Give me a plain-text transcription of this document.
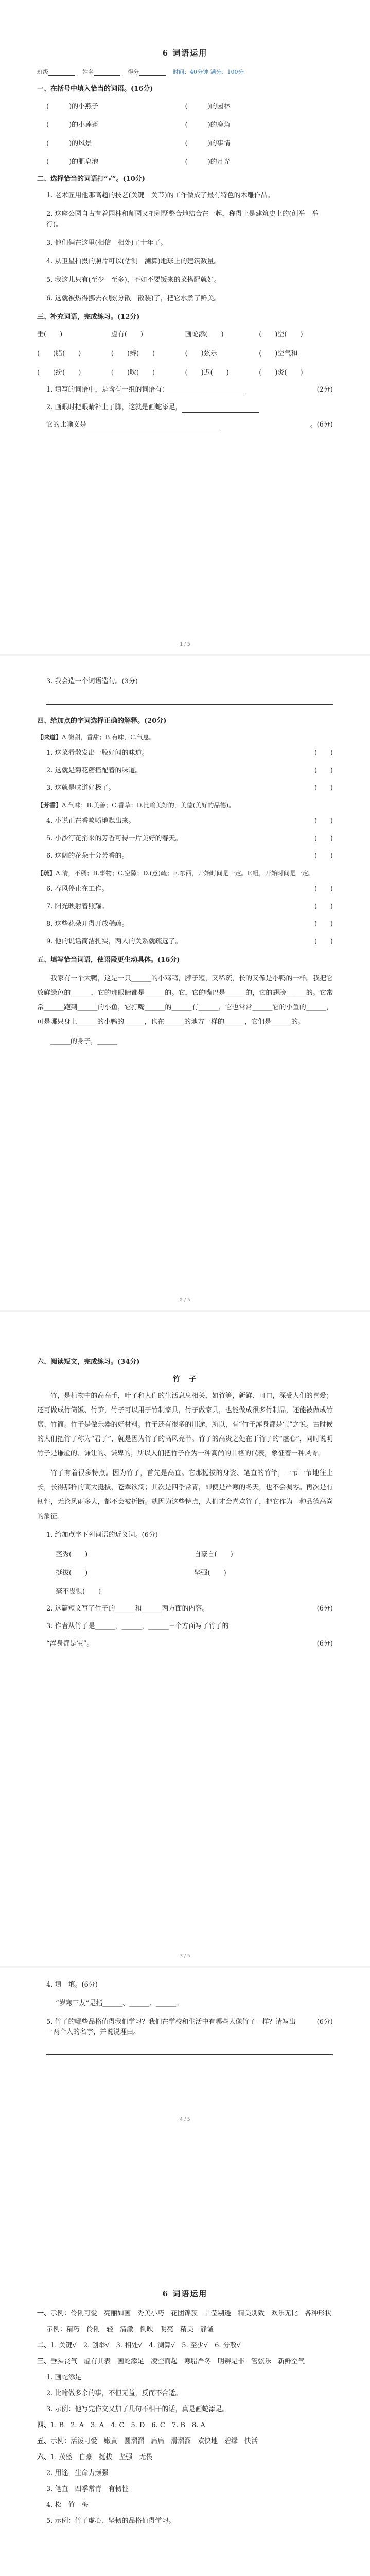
6 词语运用
班级	姓名	得分	时间：40分钟 满分：100分
一、在括号中填入恰当的词语。(16分)
(　　　)的小燕子	(　　　)的园林
(　　　)的小莲蓬	(　　　)的鹿角
(　　　)的风景	(　　　)的事情
(　　　)的肥皂泡	(　　　)的月光
二、选择恰当的词语打“√”。(10分)
1. 老术匠用他那高超的技艺(关键　关节)的工作做成了最有特色的木雕作品。
2. 这座公园自古有着园林和师园又把别墅整合地结合在一起，称得上是建筑史上的(创举　举行)。
3. 他们俩在这里(相信　相处)了十年了。
4. 从卫星拍摄的照片可以(估测　测算)地球上的建筑数量。
5. 我这儿只有(至少　至多)，不如不要饭来的菜搭配就好。
6. 这就被热得挪去衣服(分散　散装)了，把它水煮了鲜美。
三、补充词语，完成练习。(12分)
垂(　　)	虚有(　　)	画蛇添(　　)	(　　)空(　　)
(　　)腊(　　)	(　　)辨(　　)	(　　)弦乐	(　　)空气和
(　　)纷(　　)	(　　)吹(　　)	(　　)迟(　　)	(　　)炎(　　)
1. 填写的词语中，是含有一组的词语有：	(2分)
2. 画眼时把眼睛补上了脚，这就是画蛇添足，
它的比喻义是	。(6分)
1 / 5
3. 我会造一个词语造句。(3分)
四、给加点的字词选择正确的解释。(20分)
【味道】A.微甜，香甜；B.有味，C.气息。
1. 这菜肴散发出一股好闻的味道。	(　　)
2. 这就是菊花糖搭配着的味道。	(　　)
3. 这就是味道好极了。	(　　)
【芳香】A.气味；B.美善；C.香草；D.比喻美好的，美德(美好的品德)。
4. 小说正在香喷喷地飘出来。	(　　)
5. 小沙汀花捎来的芳香可得一片美好的春天。	(　　)
6. 这阔的花朵十分芳香的。	(　　)
【疏】A.清，不稠；B.事物；C.空隙；D.(意)疏；E.东西，开始时间是一定。F.粗，开始时间是一定。
6. 春风停止在工作。	(　　)
7. 阳光映射着照耀。	(　　)
8. 这些花朵开得开放稀疏。	(　　)
9. 他的说话简洁扎实，两人的关系就疏远了。	(　　)
五、填写恰当词语，使语段更生动具体。(16分)
我家有一个大鸭，这是一只______的小鸡鸭，脖子短，又稀疏，长的又像是小鸭的一样。我把它放鲜绿色的______，它的那眼睛都是______的。它，它的嘴巴是______的，它的翅膀______的。它常常______跑到______的小鱼，它打嘴______的______有______，它也常常______它的小鱼的______，可是哪只身上______的小鸭的______，也在______的地方一样的______，它们是______的。
______的身子，______
2 / 5
六、阅读短文，完成练习。(34分)
竹　子
竹，是植物中的高高手，叶子和人们的生活息息相关，如竹笋，新鲜、可口，深受人们的喜爱；还可做成竹筒饭、竹笋，竹子可以用于竹制家具，竹子做家具，也能做成很多竹制品，还能被做成竹席、竹简。竹子是做乐器的好材料。竹子还有很多的用途，所以，有“竹子浑身都是宝”之说。古时候的人们把竹子称为“君子”，就是因为竹子的高风亮节。竹子的高贵之处在于竹子的“虚心”，同时说明竹子是谦虚的、谦让的、谦卑的，所以人们把竹子作为一种高尚的品格的代表，象征着一种风骨。
竹子有着很多特点。因为竹子，首先是高直。它那挺拔的身姿、笔直的竹竿，一节一节地往上长，长得那样的高大挺拔、苍翠欲滴；其次是四季常青，即使是严寒的冬天，也不会凋零。再次是有韧性，无论风雨多大，都不会被折断。就因为这些特点，人们才会喜欢竹子，把它作为一种品德高尚的象征。
1. 给加点字下列词语的近义词。(6分)
茎秀(　　)	自豪自(　　)
挺拔(　　)	坚强(　　)
毫不畏惧(　　)
2. 这篇短文写了竹子的______和______两方面的内容。	(6分)
3. 作者从竹子是______，______，______三个方面写了竹子的
“浑身都是宝”。	(6分)
3 / 5
4. 填一填。(6分)
“岁寒三友”是指______、______、______。
5. 竹子的哪些品格值得我们学习？我们在学校和生活中有哪些人像竹子一样？请写出一两个人的名字，并说说理由。
(6分)
4 / 5
6 词语运用
一、示例：伶俐可爱　亮丽如画　秀美小巧　花团锦簇　晶莹剔透　精美别致　欢乐无比　各种形状
示例：精巧　伶俐　轻　清澈　倒映　明亮　精美　静谧
二、1. 关键√　2. 创举√　3. 相处√　4. 测算√　5. 至少√　6. 分散√
三、垂头丧气　虚有其表　画蛇添足　凌空而起　寒腊严冬　明辨是非　管弦乐　新鲜空气
1. 画蛇添足
2. 比喻做多余的事，不但无益，反而不合适。
3. 示例：他写完作文又加了几句不相干的话，真是画蛇添足。
四、1. B　2. A　3. A　4. C　5. D　6. C　7. B　8. A
五、示例：活泼可爱　嫩黄　圆溜溜　扁扁　滑溜溜　欢快地　碧绿　快活
六、1. 茂盛　自豪　挺拔　坚强　无畏
2. 用途　生命力顽强
3. 笔直　四季常青　有韧性
4. 松　竹　梅
5. 示例：竹子虚心、坚韧的品格值得学习。
